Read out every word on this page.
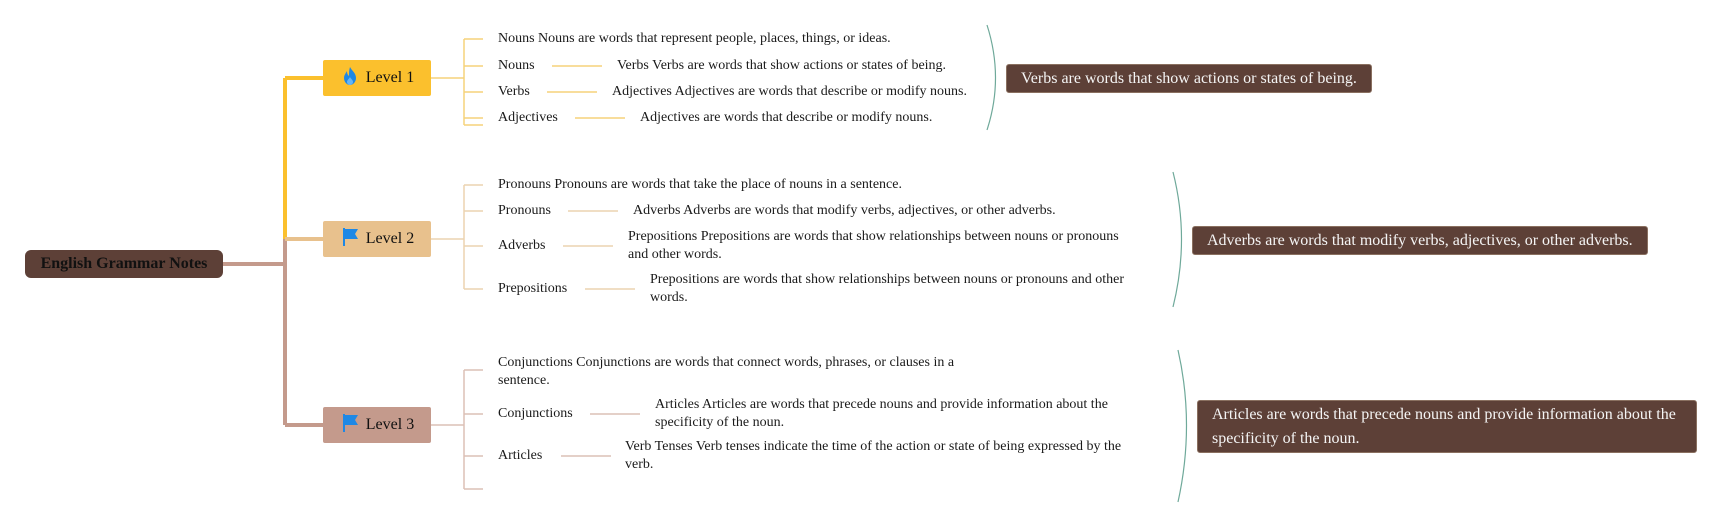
English Grammar Notes
Level 1
Level 2
Level 3
Nouns Nouns are words that represent people, places, things, or ideas.
Nouns	Verbs Verbs are words that show actions or states of being.
Verbs	Adjectives Adjectives are words that describe or modify nouns.
Adjectives	Adjectives are words that describe or modify nouns.
Pronouns Pronouns are words that take the place of nouns in a sentence.
Pronouns	Adverbs Adverbs are words that modify verbs, adjectives, or other adverbs.
Adverbs
Prepositions Prepositions are words that show relationships between nouns or pronouns and other words.
Prepositions
Prepositions are words that show relationships between nouns or pronouns and other words.
Conjunctions Conjunctions are words that connect words, phrases, or clauses in a sentence.
Conjunctions
Articles Articles are words that precede nouns and provide information about the specificity of the noun.
Articles
Verb Tenses Verb tenses indicate the time of the action or state of being expressed by the verb.
Verbs are words that show actions or states of being.
Adverbs are words that modify verbs, adjectives, or other adverbs.
Articles are words that precede nouns and provide information about the specificity of the noun.
